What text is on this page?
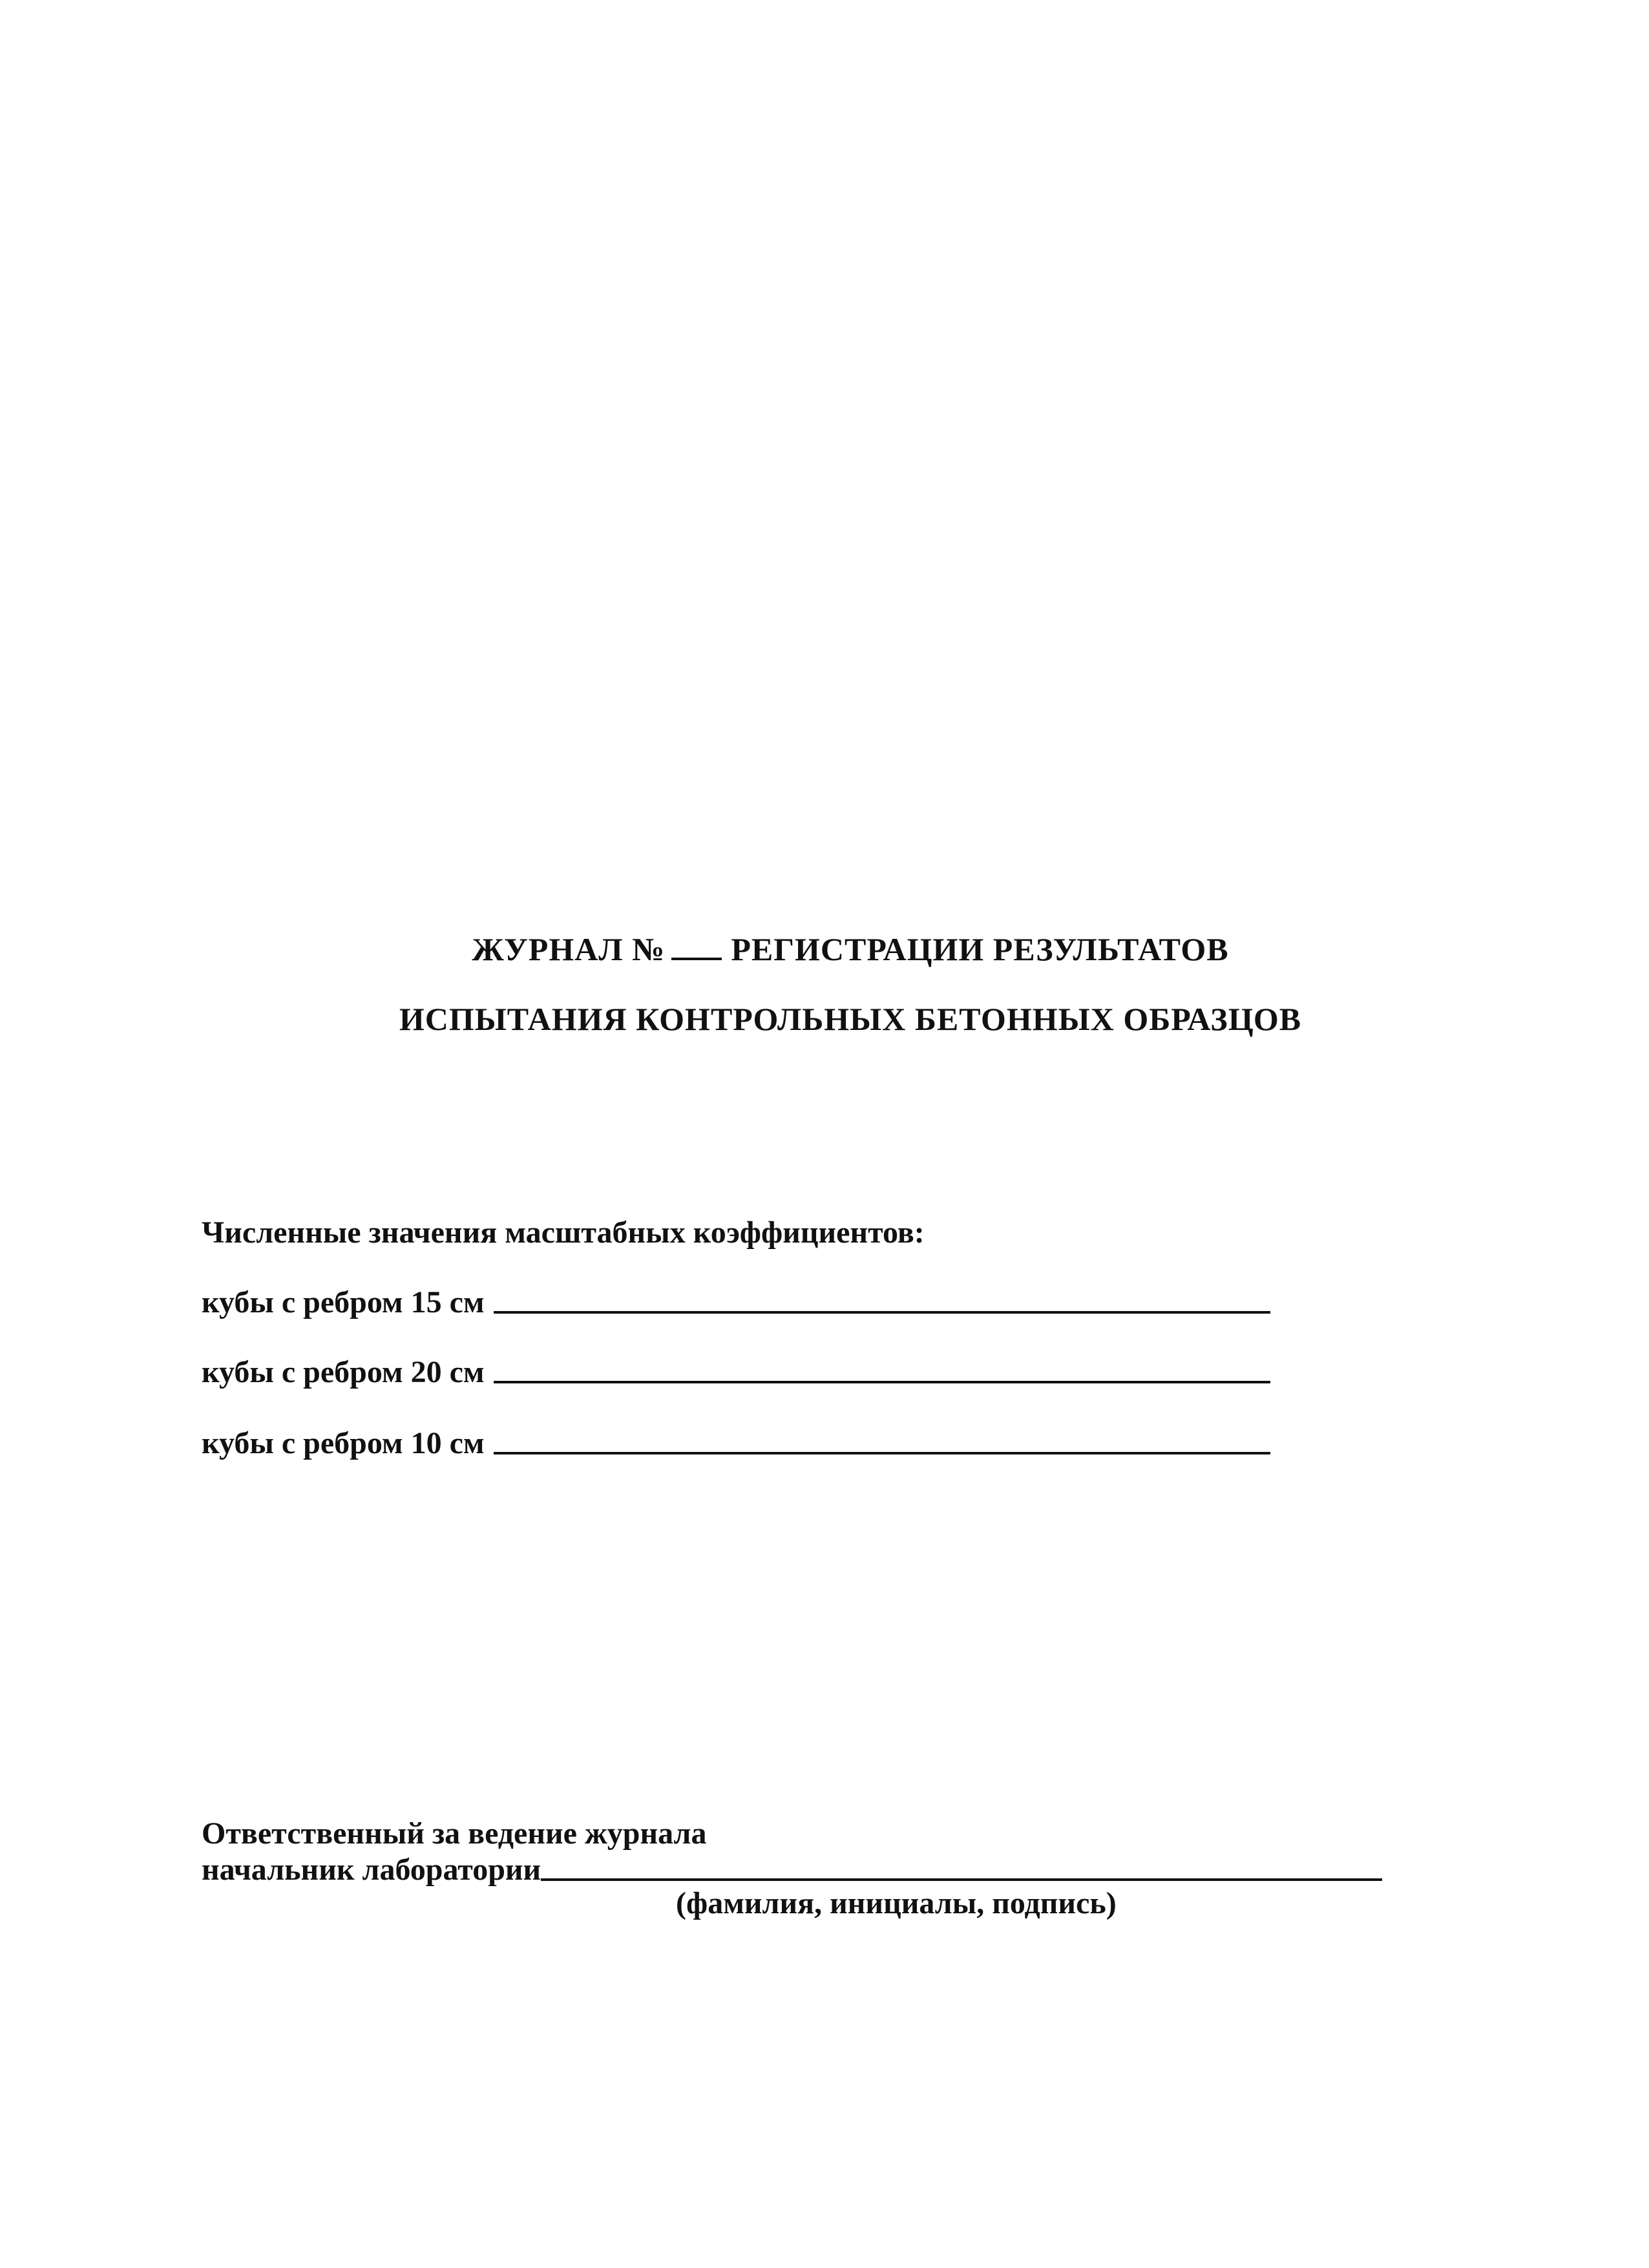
ЖУРНАЛ № РЕГИСТРАЦИИ РЕЗУЛЬТАТОВ
ИСПЫТАНИЯ КОНТРОЛЬНЫХ БЕТОННЫХ ОБРАЗЦОВ
Численные значения масштабных коэффициентов:
кубы с ребром 15 см
кубы с ребром 20 см
кубы с ребром 10 см
Ответственный за ведение журнала
начальник лаборатории
(фамилия, инициалы, подпись)
